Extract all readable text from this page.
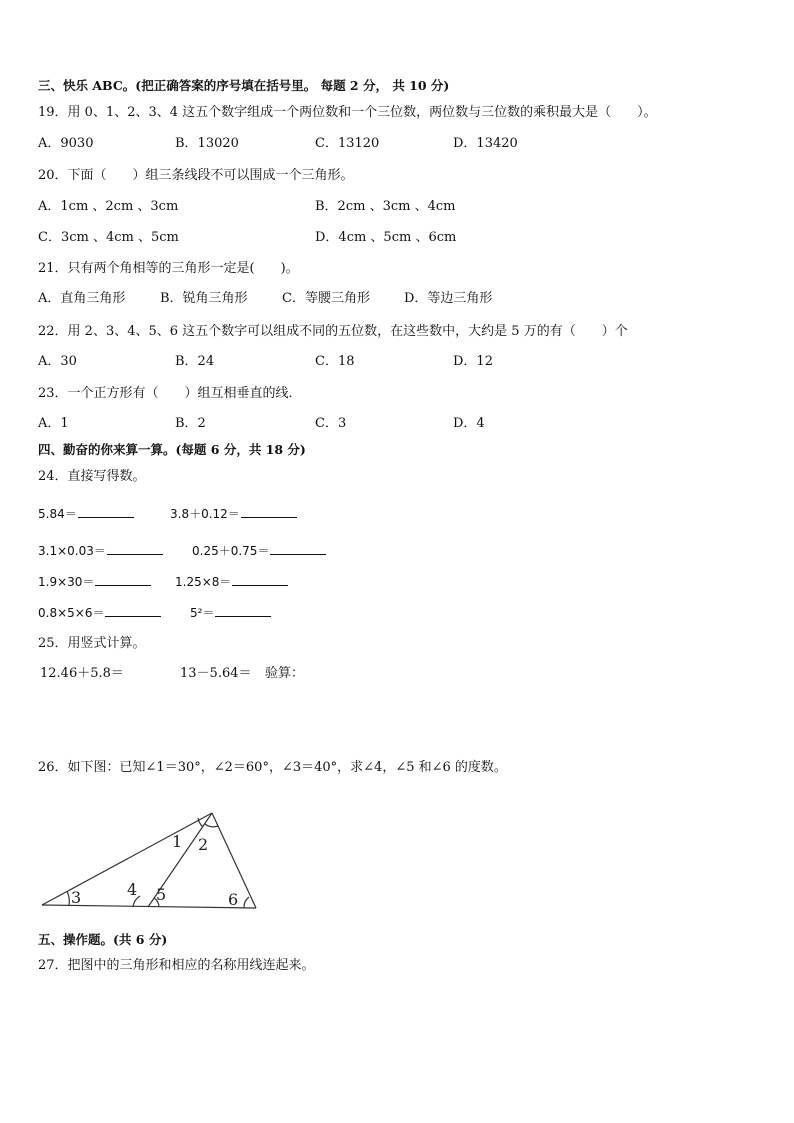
三、快乐 ABC。(把正确答案的序号填在括号里。 每题 2 分， 共 10 分)
19．用 0、1、2、3、4 这五个数字组成一个两位数和一个三位数，两位数与三位数的乘积最大是（　　）。
A．9030	B．13020	C．13120	D．13420
20．下面（　　）组三条线段不可以围成一个三角形。
A．1cm 、2cm 、3cm	B．2cm 、3cm 、4cm
C．3cm 、4cm 、5cm	D．4cm 、5cm 、6cm
21．只有两个角相等的三角形一定是(　　)。
A．直角三角形	B．锐角三角形	C．等腰三角形	D．等边三角形
22．用 2、3、4、5、6 这五个数字可以组成不同的五位数，在这些数中，大约是 5 万的有（　　）个
A．30	B．24	C．18	D．12
23．一个正方形有（　　）组互相垂直的线．
A．1	B．2	C．3	D．4
四、勤奋的你来算一算。(每题 6 分，共 18 分)
24．直接写得数。
5.84＝	3.8＋0.12＝
3.1×0.03＝	0.25＋0.75＝
1.9×30＝	1.25×8＝
0.8×5×6＝	5²＝
25．用竖式计算。
12.46＋5.8＝	13－5.64＝ 验算：
26．如下图：已知∠1＝30°，∠2＝60°，∠3＝40°，求∠4，∠5 和∠6 的度数。
1 2
3	4 5	6
五、操作题。(共 6 分)
27．把图中的三角形和相应的名称用线连起来。
